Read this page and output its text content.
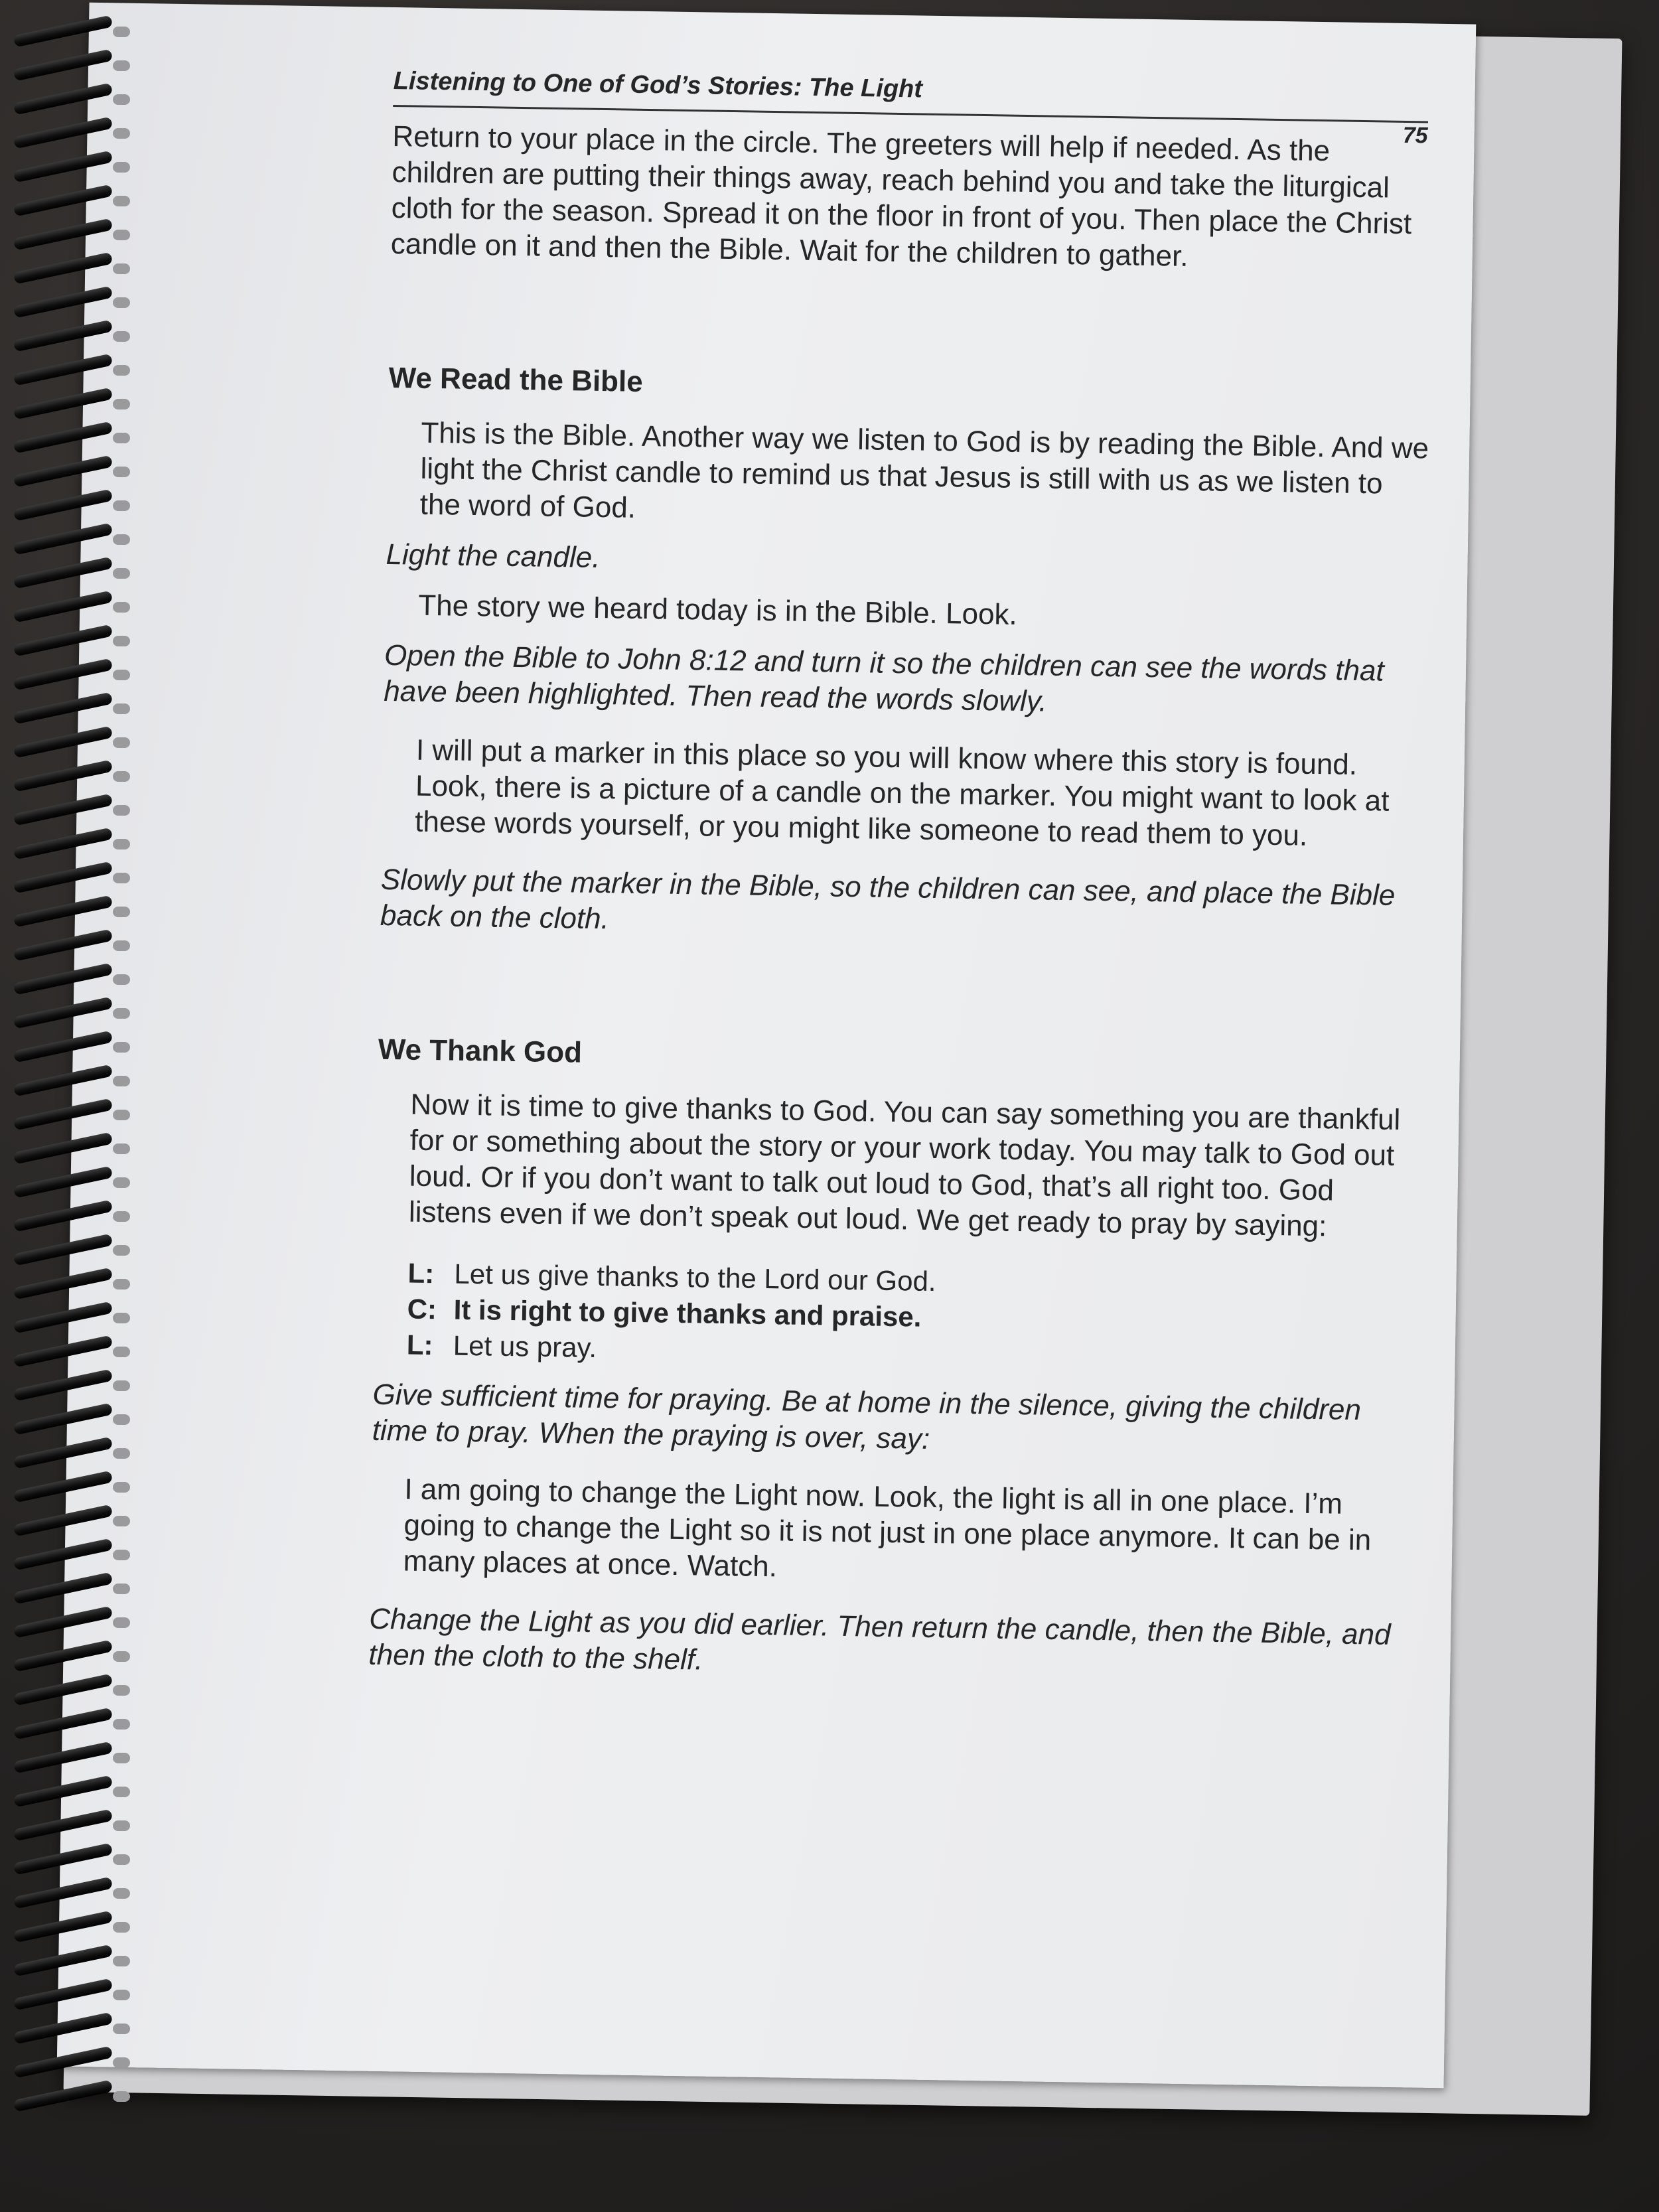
Listening to One of God’s Stories: The Light
75

Return to your place in the circle. The greeters will help if needed. As the children are putting their things away, reach behind you and take the liturgical cloth for the season. Spread it on the floor in front of you. Then place the Christ candle on it and then the Bible. Wait for the children to gather.

We Read the Bible

This is the Bible. Another way we listen to God is by reading the Bible. And we light the Christ candle to remind us that Jesus is still with us as we listen to the word of God.

Light the candle.

The story we heard today is in the Bible. Look.

Open the Bible to John 8:12 and turn it so the children can see the words that have been highlighted. Then read the words slowly.

I will put a marker in this place so you will know where this story is found. Look, there is a picture of a candle on the marker. You might want to look at these words yourself, or you might like someone to read them to you.

Slowly put the marker in the Bible, so the children can see, and place the Bible back on the cloth.

We Thank God

Now it is time to give thanks to God. You can say something you are thankful for or something about the story or your work today. You may talk to God out loud. Or if you don’t want to talk out loud to God, that’s all right too. God listens even if we don’t speak out loud. We get ready to pray by saying:

L: Let us give thanks to the Lord our God.
C: It is right to give thanks and praise.
L: Let us pray.

Give sufficient time for praying. Be at home in the silence, giving the children time to pray. When the praying is over, say:

I am going to change the Light now. Look, the light is all in one place. I’m going to change the Light so it is not just in one place anymore. It can be in many places at once. Watch.

Change the Light as you did earlier. Then return the candle, then the Bible, and then the cloth to the shelf.
